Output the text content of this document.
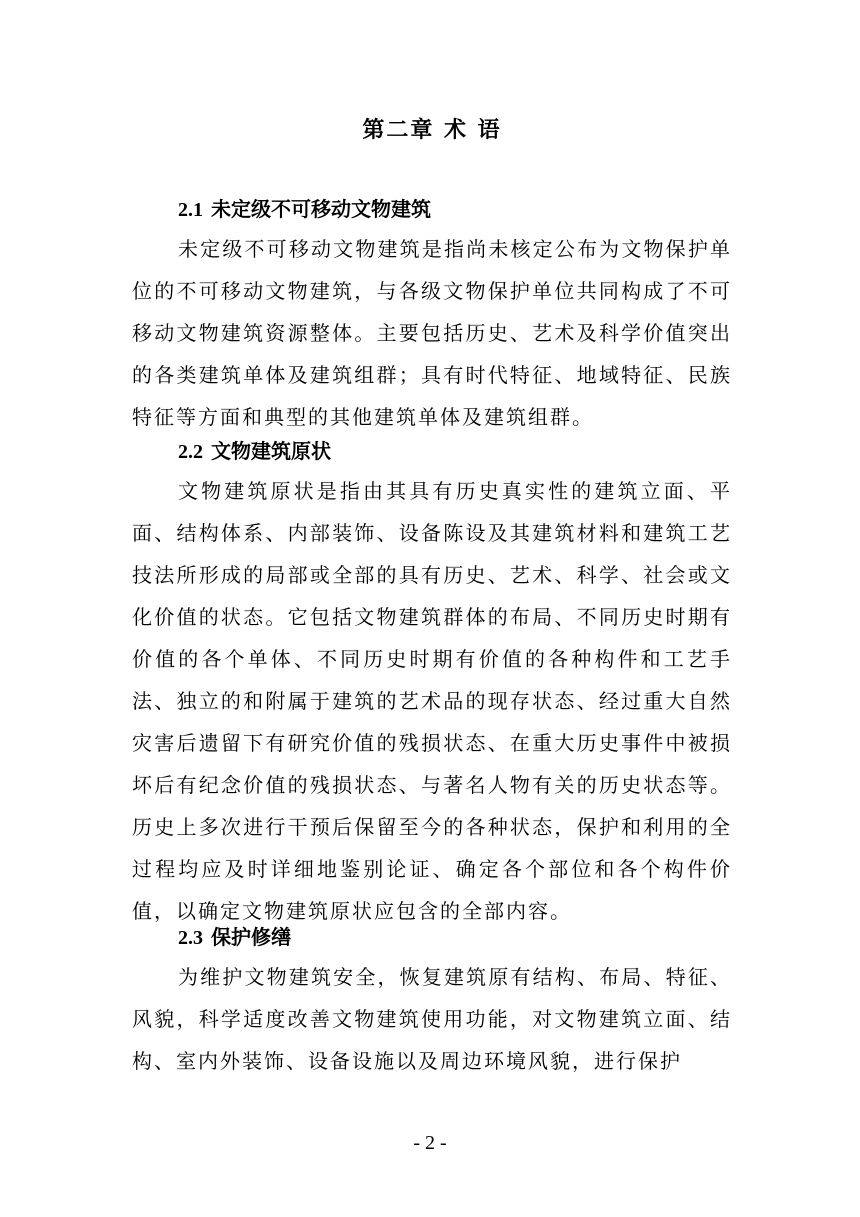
第二章 术 语
2.1 未定级不可移动文物建筑

未定级不可移动文物建筑是指尚未核定公布为文物保护单位的不可移动文物建筑，与各级文物保护单位共同构成了不可移动文物建筑资源整体。主要包括历史、艺术及科学价值突出的各类建筑单体及建筑组群；具有时代特征、地域特征、民族特征等方面和典型的其他建筑单体及建筑组群。

2.2 文物建筑原状

文物建筑原状是指由其具有历史真实性的建筑立面、平面、结构体系、内部装饰、设备陈设及其建筑材料和建筑工艺技法所形成的局部或全部的具有历史、艺术、科学、社会或文化价值的状态。它包括文物建筑群体的布局、不同历史时期有价值的各个单体、不同历史时期有价值的各种构件和工艺手法、独立的和附属于建筑的艺术品的现存状态、经过重大自然灾害后遗留下有研究价值的残损状态、在重大历史事件中被损坏后有纪念价值的残损状态、与著名人物有关的历史状态等。历史上多次进行干预后保留至今的各种状态，保护和利用的全过程均应及时详细地鉴别论证、确定各个部位和各个构件价值，以确定文物建筑原状应包含的全部内容。

2.3 保护修缮

为维护文物建筑安全，恢复建筑原有结构、布局、特征、风貌，科学适度改善文物建筑使用功能，对文物建筑立面、结构、室内外装饰、设备设施以及周边环境风貌，进行保护

- 2 -
